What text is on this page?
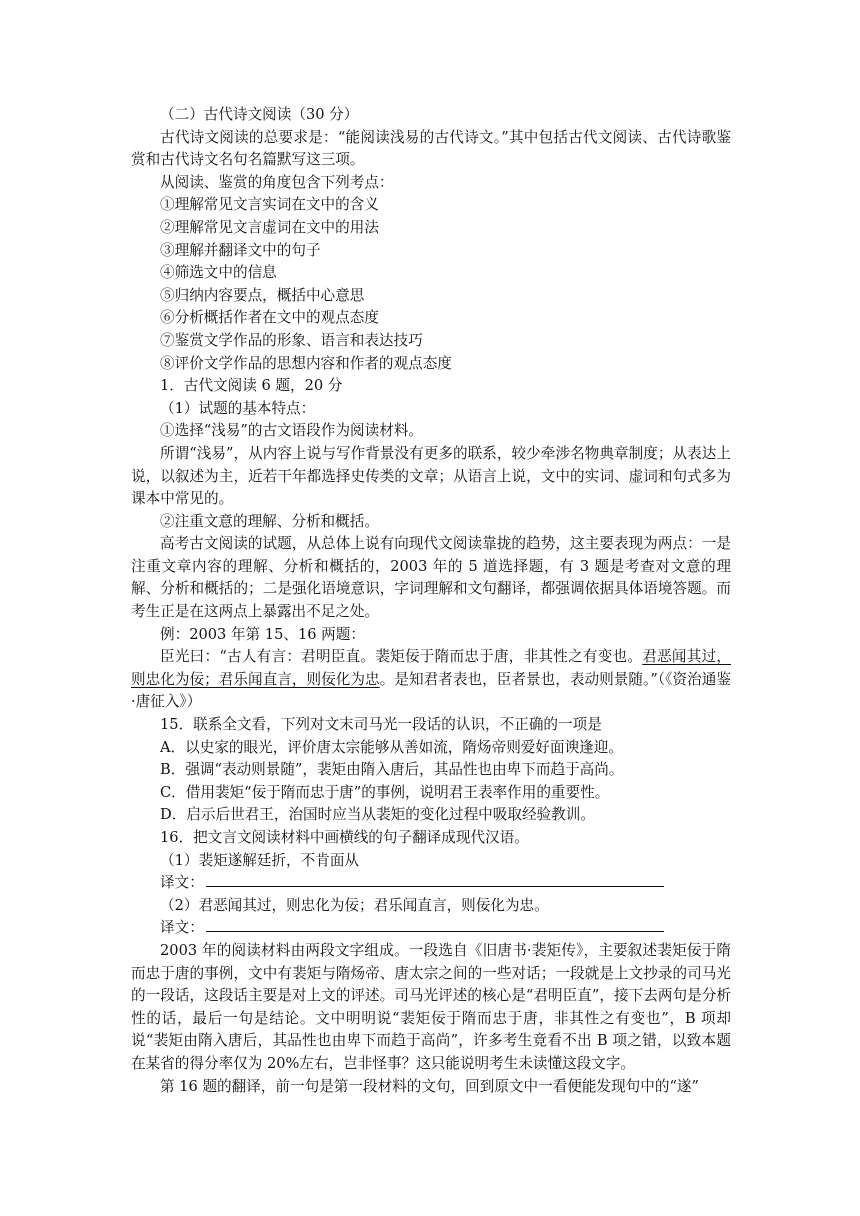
（二）古代诗文阅读（30 分）

古代诗文阅读的总要求是：“能阅读浅易的古代诗文。”其中包括古代文阅读、古代诗歌鉴赏和古代诗文名句名篇默写这三项。

从阅读、鉴赏的角度包含下列考点：

①理解常见文言实词在文中的含义

②理解常见文言虚词在文中的用法

③理解并翻译文中的句子

④筛选文中的信息

⑤归纳内容要点，概括中心意思

⑥分析概括作者在文中的观点态度

⑦鉴赏文学作品的形象、语言和表达技巧

⑧评价文学作品的思想内容和作者的观点态度

1．古代文阅读 6 题，20 分

（1）试题的基本特点：

①选择“浅易”的古文语段作为阅读材料。

所谓“浅易”，从内容上说与写作背景没有更多的联系，较少牵涉名物典章制度；从表达上说，以叙述为主，近若干年都选择史传类的文章；从语言上说，文中的实词、虚词和句式多为课本中常见的。

②注重文意的理解、分析和概括。

高考古文阅读的试题，从总体上说有向现代文阅读靠拢的趋势，这主要表现为两点：一是注重文章内容的理解、分析和概括的，2003 年的 5 道选择题，有 3 题是考查对文意的理解、分析和概括的；二是强化语境意识，字词理解和文句翻译，都强调依据具体语境答题。而考生正是在这两点上暴露出不足之处。

例：2003 年第 15、16 两题：

臣光曰：“古人有言：君明臣直。裴矩佞于隋而忠于唐，非其性之有变也。君恶闻其过，则忠化为佞；君乐闻直言，则佞化为忠。是知君者表也，臣者景也，表动则景随。”（《资治通鉴·唐征入》）

15．联系全文看，下列对文末司马光一段话的认识，不正确的一项是

A．以史家的眼光，评价唐太宗能够从善如流，隋炀帝则爱好面谀逢迎。

B．强调“表动则景随”，裴矩由隋入唐后，其品性也由卑下而趋于高尚。

C．借用裴矩“佞于隋而忠于唐”的事例，说明君王表率作用的重要性。

D．启示后世君王，治国时应当从裴矩的变化过程中吸取经验教训。

16．把文言文阅读材料中画横线的句子翻译成现代汉语。

（1）裴矩遂解廷折，不肯面从

译文：

（2）君恶闻其过，则忠化为佞；君乐闻直言，则佞化为忠。

译文：

2003 年的阅读材料由两段文字组成。一段选自《旧唐书·裴矩传》，主要叙述裴矩佞于隋而忠于唐的事例，文中有裴矩与隋炀帝、唐太宗之间的一些对话；一段就是上文抄录的司马光的一段话，这段话主要是对上文的评述。司马光评述的核心是“君明臣直”，接下去两句是分析性的话，最后一句是结论。文中明明说“裴矩佞于隋而忠于唐，非其性之有变也”，B 项却说“裴矩由隋入唐后，其品性也由卑下而趋于高尚”，许多考生竟看不出 B 项之错，以致本题在某省的得分率仅为 20%左右，岂非怪事？这只能说明考生未读懂这段文字。

第 16 题的翻译，前一句是第一段材料的文句，回到原文中一看便能发现句中的“遂”
